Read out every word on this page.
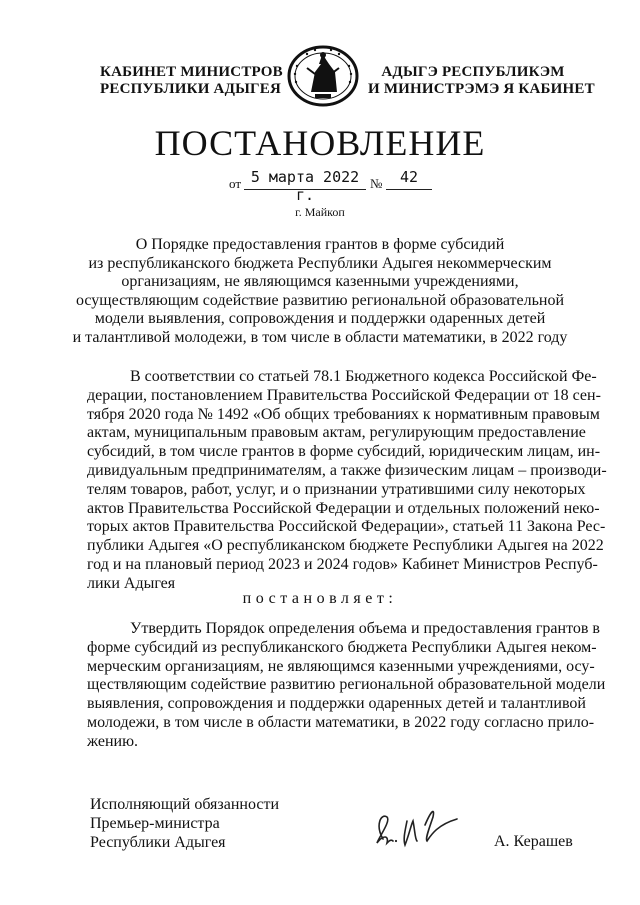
КАБИНЕТ МИНИСТРОВ
РЕСПУБЛИКИ АДЫГЕЯ
АДЫГЭ РЕСПУБЛИКЭМ
И МИНИСТРЭМЭ Я КАБИНЕТ
ПОСТАНОВЛЕНИЕ
от 5 марта 2022 г.
№	42
г. Майкоп
О Порядке предоставления грантов в форме субсидий
из республиканского бюджета Республики Адыгея некоммерческим
организациям, не являющимся казенными учреждениями,
осуществляющим содействие развитию региональной образовательной
модели выявления, сопровождения и поддержки одаренных детей
и талантливой молодежи, в том числе в области математики, в 2022 году
В соответствии со статьей 78.1 Бюджетного кодекса Российской Фе-
дерации, постановлением Правительства Российской Федерации от 18 сен-
тября 2020 года № 1492 «Об общих требованиях к нормативным правовым
актам, муниципальным правовым актам, регулирующим предоставление
субсидий, в том числе грантов в форме субсидий, юридическим лицам, ин-
дивидуальным предпринимателям, а также физическим лицам – производи-
телям товаров, работ, услуг, и о признании утратившими силу некоторых
актов Правительства Российской Федерации и отдельных положений неко-
торых актов Правительства Российской Федерации», статьей 11 Закона Рес-
публики Адыгея «О республиканском бюджете Республики Адыгея на 2022
год и на плановый период 2023 и 2024 годов» Кабинет Министров Респуб-
лики Адыгея
постановляет:
Утвердить Порядок определения объема и предоставления грантов в
форме субсидий из республиканского бюджета Республики Адыгея неком-
мерческим организациям, не являющимся казенными учреждениями, осу-
ществляющим содействие развитию региональной образовательной модели
выявления, сопровождения и поддержки одаренных детей и талантливой
молодежи, в том числе в области математики, в 2022 году согласно прило-
жению.
Исполняющий обязанности
Премьер-министра
Республики Адыгея	А. Керашев
